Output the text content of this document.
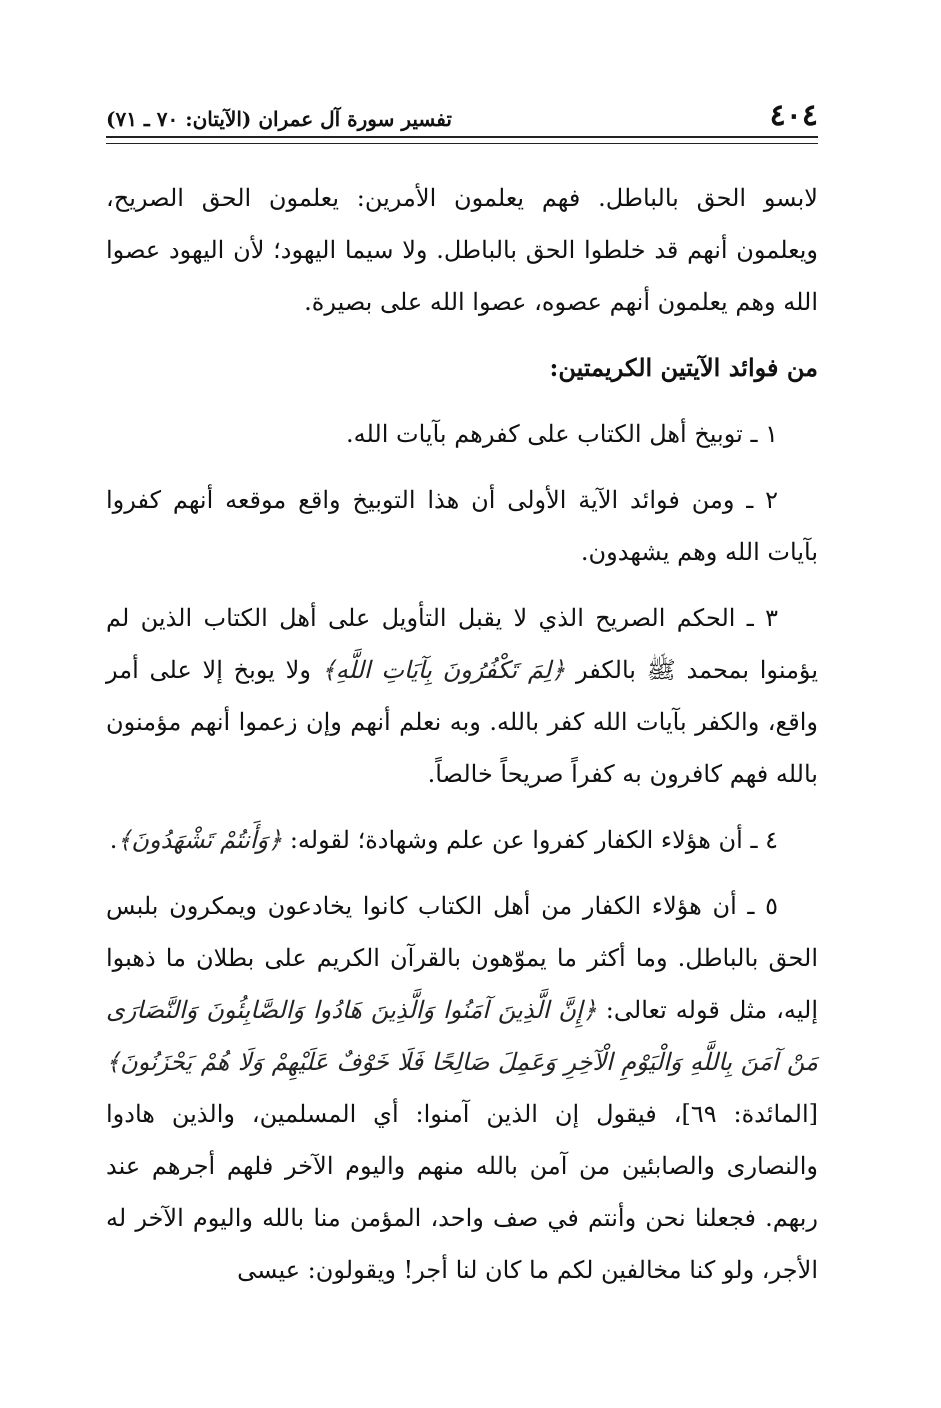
٤٠٤
تفسير سورة آل عمران (الآيتان: ٧٠ ـ ٧١)

لابسو الحق بالباطل. فهم يعلمون الأمرين: يعلمون الحق الصريح، ويعلمون أنهم قد خلطوا الحق بالباطل. ولا سيما اليهود؛ لأن اليهود عصوا الله وهم يعلمون أنهم عصوه، عصوا الله على بصيرة.

من فوائد الآيتين الكريمتين:

١ ـ توبيخ أهل الكتاب على كفرهم بآيات الله.

٢ ـ ومن فوائد الآية الأولى أن هذا التوبيخ واقع موقعه أنهم كفروا بآيات الله وهم يشهدون.

٣ ـ الحكم الصريح الذي لا يقبل التأويل على أهل الكتاب الذين لم يؤمنوا بمحمد ﷺ بالكفر ﴿لِمَ تَكْفُرُونَ بِآيَاتِ اللَّهِ﴾ ولا يوبخ إلا على أمر واقع، والكفر بآيات الله كفر بالله. وبه نعلم أنهم وإن زعموا أنهم مؤمنون بالله فهم كافرون به كفراً صريحاً خالصاً.

٤ ـ أن هؤلاء الكفار كفروا عن علم وشهادة؛ لقوله: ﴿وَأَنتُمْ تَشْهَدُونَ﴾.

٥ ـ أن هؤلاء الكفار من أهل الكتاب كانوا يخادعون ويمكرون بلبس الحق بالباطل. وما أكثر ما يموّهون بالقرآن الكريم على بطلان ما ذهبوا إليه، مثل قوله تعالى: ﴿إِنَّ الَّذِينَ آمَنُوا وَالَّذِينَ هَادُوا وَالصَّابِئُونَ وَالنَّصَارَى مَنْ آمَنَ بِاللَّهِ وَالْيَوْمِ الْآخِرِ وَعَمِلَ صَالِحًا فَلَا خَوْفٌ عَلَيْهِمْ وَلَا هُمْ يَحْزَنُونَ﴾ [المائدة: ٦٩]، فيقول إن الذين آمنوا: أي المسلمين، والذين هادوا والنصارى والصابئين من آمن بالله منهم واليوم الآخر فلهم أجرهم عند ربهم. فجعلنا نحن وأنتم في صف واحد، المؤمن منا بالله واليوم الآخر له الأجر، ولو كنا مخالفين لكم ما كان لنا أجر! ويقولون: عيسى
